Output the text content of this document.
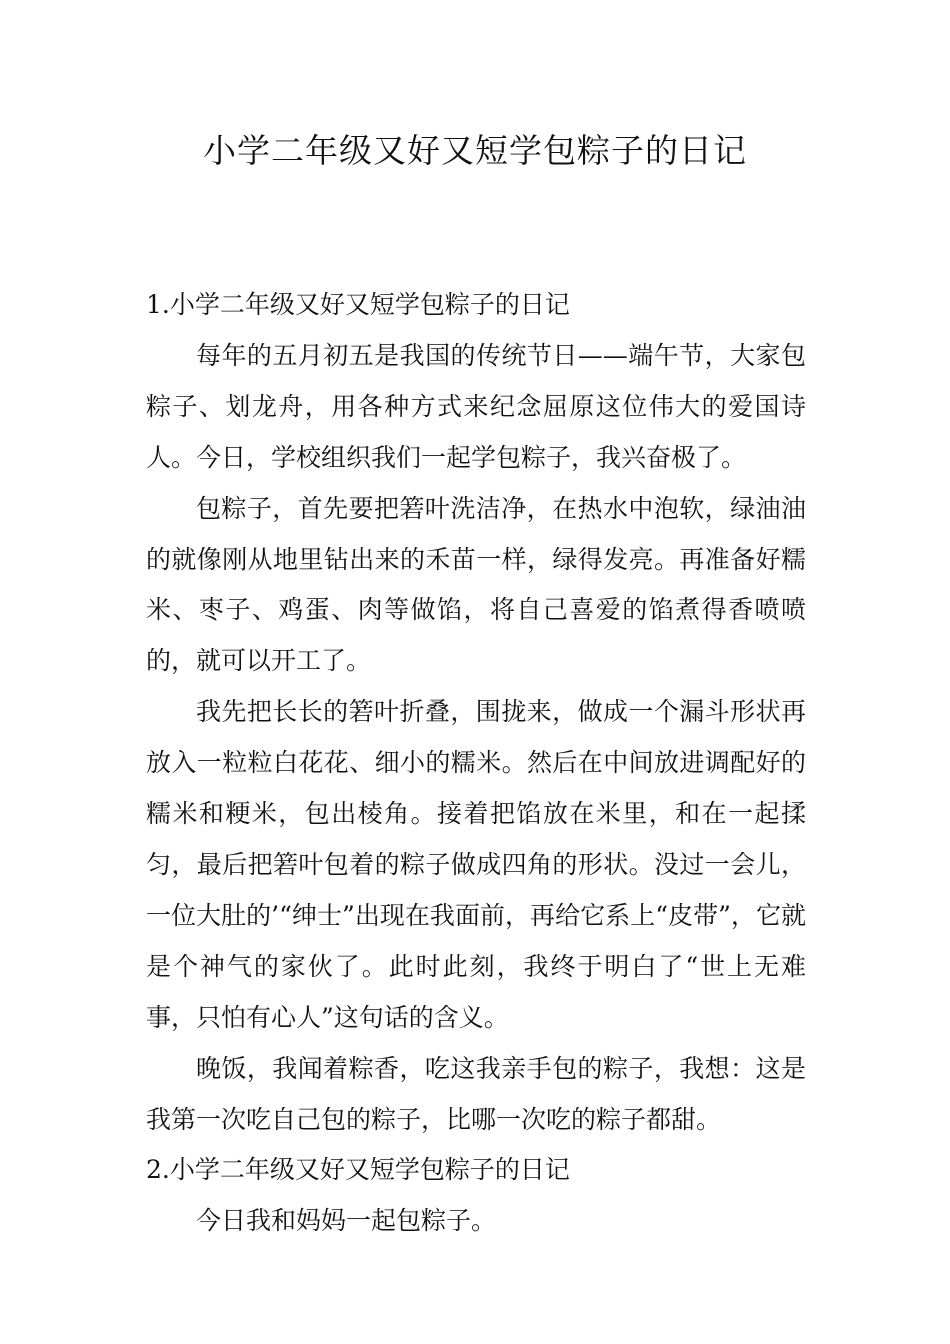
小学二年级又好又短学包粽子的日记

1.小学二年级又好又短学包粽子的日记

每年的五月初五是我国的传统节日——端午节，大家包粽子、划龙舟，用各种方式来纪念屈原这位伟大的爱国诗人。今日，学校组织我们一起学包粽子，我兴奋极了。

包粽子，首先要把箬叶洗洁净，在热水中泡软，绿油油的就像刚从地里钻出来的禾苗一样，绿得发亮。再准备好糯米、枣子、鸡蛋、肉等做馅，将自己喜爱的馅煮得香喷喷的，就可以开工了。

我先把长长的箬叶折叠，围拢来，做成一个漏斗形状再放入一粒粒白花花、细小的糯米。然后在中间放进调配好的糯米和粳米，包出棱角。接着把馅放在米里，和在一起揉匀，最后把箬叶包着的粽子做成四角的形状。没过一会儿，一位大肚的’“绅士”出现在我面前，再给它系上“皮带”，它就是个神气的家伙了。此时此刻，我终于明白了“世上无难事，只怕有心人”这句话的含义。

晚饭，我闻着粽香，吃这我亲手包的粽子，我想：这是我第一次吃自己包的粽子，比哪一次吃的粽子都甜。

2.小学二年级又好又短学包粽子的日记

今日我和妈妈一起包粽子。
